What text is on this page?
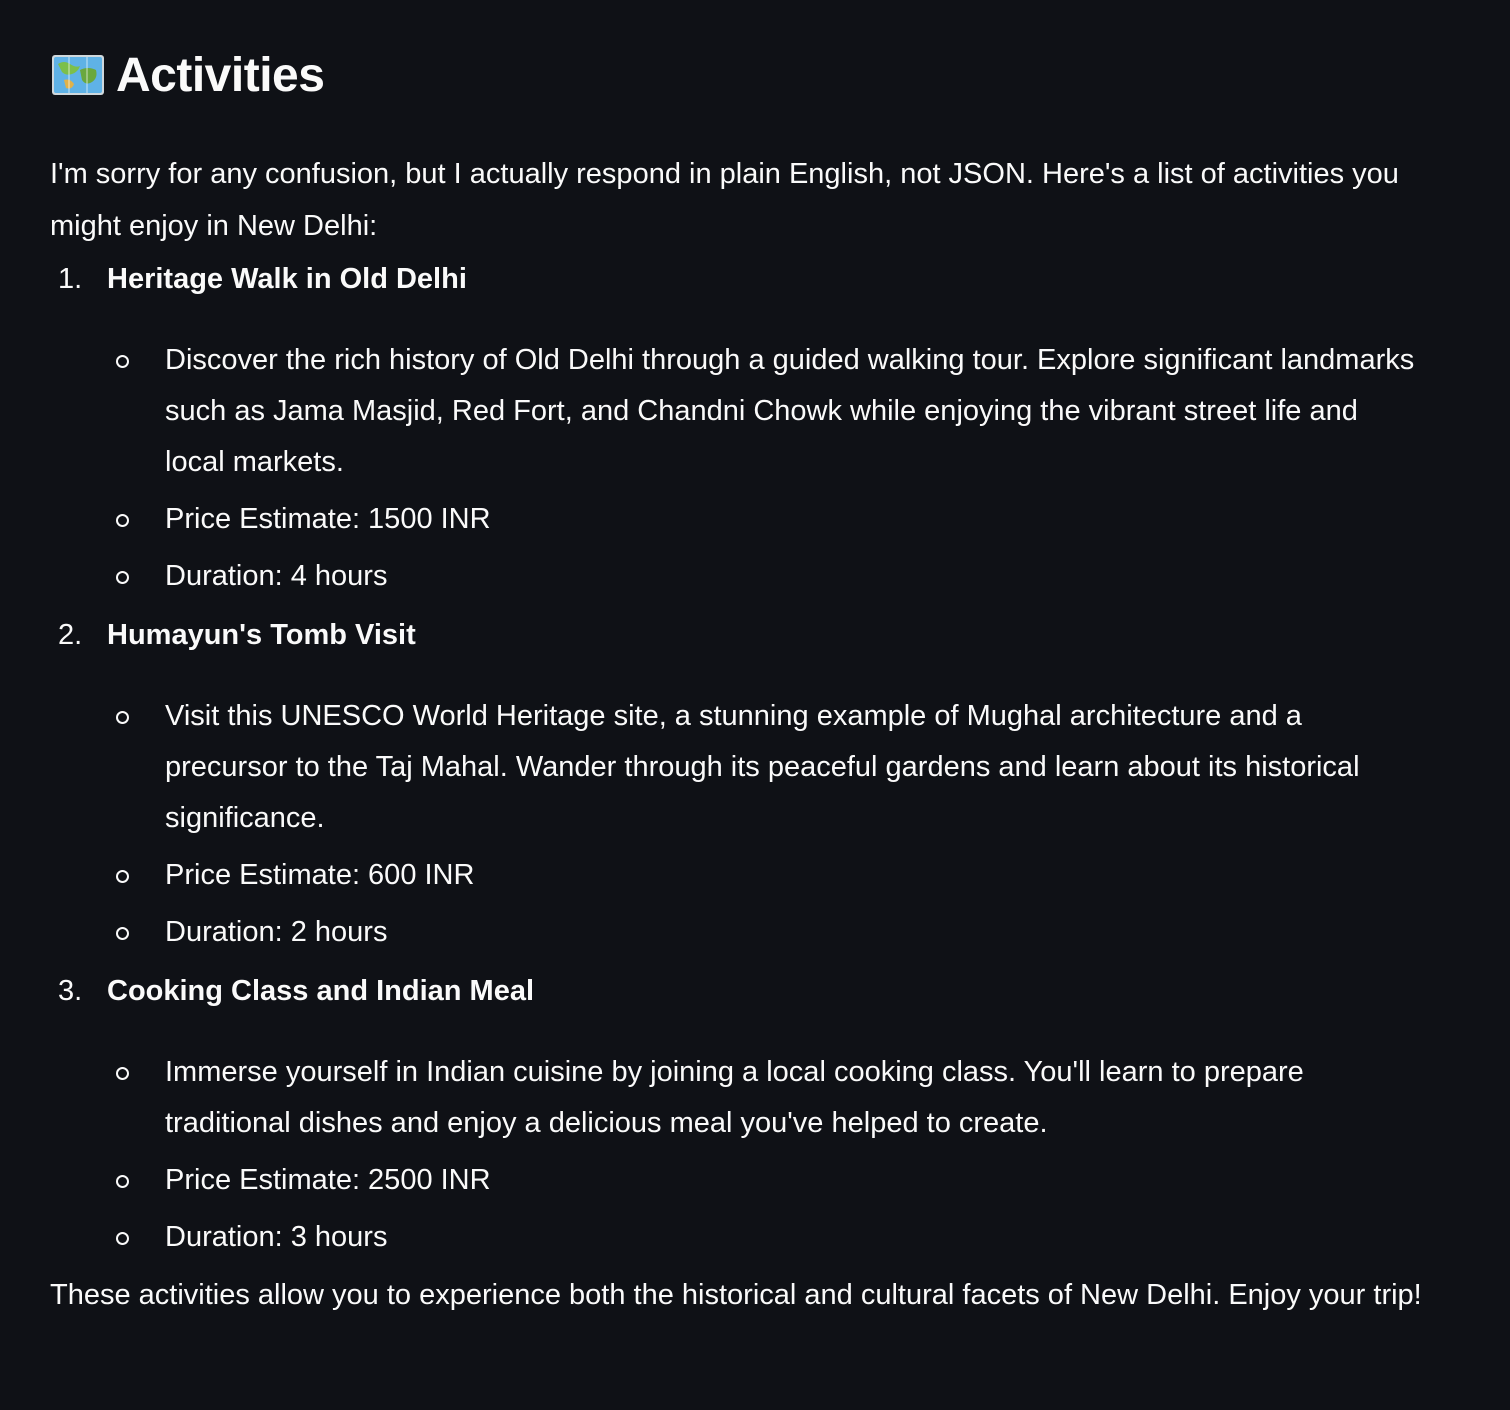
Activities

I'm sorry for any confusion, but I actually respond in plain English, not JSON. Here's a list of activities you might enjoy in New Delhi:

1. Heritage Walk in Old Delhi
Discover the rich history of Old Delhi through a guided walking tour. Explore significant landmarks such as Jama Masjid, Red Fort, and Chandni Chowk while enjoying the vibrant street life and local markets.
Price Estimate: 1500 INR
Duration: 4 hours
2. Humayun's Tomb Visit
Visit this UNESCO World Heritage site, a stunning example of Mughal architecture and a precursor to the Taj Mahal. Wander through its peaceful gardens and learn about its historical significance.
Price Estimate: 600 INR
Duration: 2 hours
3. Cooking Class and Indian Meal
Immerse yourself in Indian cuisine by joining a local cooking class. You'll learn to prepare traditional dishes and enjoy a delicious meal you've helped to create.
Price Estimate: 2500 INR
Duration: 3 hours

These activities allow you to experience both the historical and cultural facets of New Delhi. Enjoy your trip!
